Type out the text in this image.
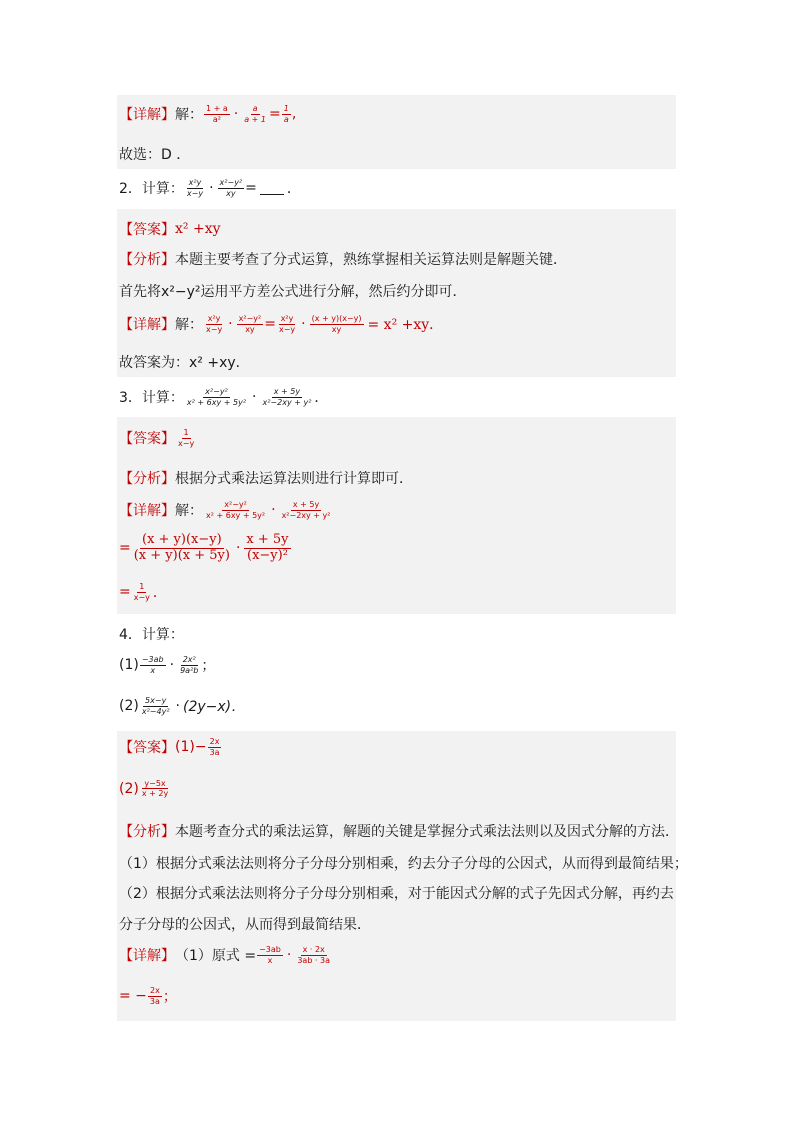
【详解】 解： $\frac{1 + a}{\text{a²}} \cdot \frac{a}{a + 1} = \frac{1}{a}$ ,
故选：D ．
2．计算： $\frac{\text{x²y}}{x-y} \cdot \frac{\text{x²−y²}}{xy}$ = ．
【答案】 x² +xy
【分析】 本题主要考查了分式运算，熟练掌握相关运算法则是解题关键．
首先将x²−y²运用平方差公式进行分解，然后约分即可．
【详解】 解： $\frac{\text{x²y}}{x-y} \cdot \frac{\text{x²−y²}}{xy} = \frac{\text{x²y}}{x-y} \cdot \frac{(x + y)(x-y)}{xy} = x^2 +xy$．
故答案为：x² +xy．
3．计算： $\frac{\text{x²−y²}}{\text{x² + 6xy + 5y²}} \cdot \frac{x + 5y}{\text{x²−2xy + y²}}$ ．
【答案】 $\frac{1}{x-y}$
【分析】 根据分式乘法运算法则进行计算即可．
【详解】 解： $\frac{\text{x²−y²}}{\text{x² + 6xy + 5y²}} \cdot \frac{x + 5y}{\text{x²−2xy + y²}}$
= $\frac{(x + y)(x-y)}{(x + y)(x + 5y)} \cdot \frac{x + 5y}{\text{(x−y)²}}$
= $\frac{1}{x-y}$ ．
4．计算：
$(1) \frac{-3ab}{x} \cdot \frac{\text{2x²}}{\text{9a²b}}$ ；
$(2) \frac{5x-y}{\text{x²−4y²}} \cdot (2y-x)$．
【答案】 $(1)- \frac{2x}{3a}$
$(2) \frac{y-5x}{x + 2y}$
【分析】 本题考查分式的乘法运算，解题的关键是掌握分式乘法法则以及因式分解的方法．
（1）根据分式乘法法则将分子分母分别相乘，约去分子分母的公因式，从而得到最简结果；
（2）根据分式乘法法则将分子分母分别相乘，对于能因式分解的式子先因式分解，再约去
分子分母的公因式，从而得到最简结果．
【详解】 （1）原式 = $\frac{-3ab}{x} \cdot \frac{x \cdot 2x}{3ab \cdot 3a}$
= − $\frac{2x}{3a}$ ；
